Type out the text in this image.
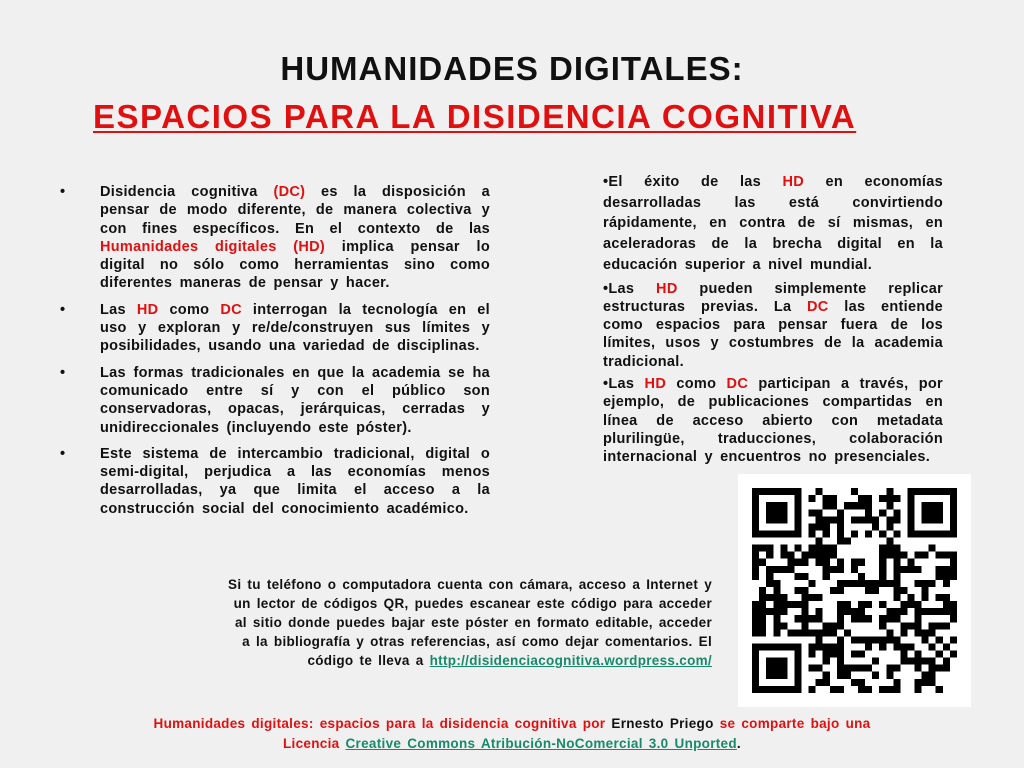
HUMANIDADES DIGITALES:
ESPACIOS PARA LA DISIDENCIA COGNITIVA
• Disidencia cognitiva (DC) es la disposición a pensar de modo diferente, de manera colectiva y con fines específicos. En el contexto de las Humanidades digitales (HD) implica pensar lo digital no sólo como herramientas sino como diferentes maneras de pensar y hacer.
• Las HD como DC interrogan la tecnología en el uso y exploran y re/de/construyen sus límites y posibilidades, usando una variedad de disciplinas.
• Las formas tradicionales en que la academia se ha comunicado entre sí y con el público son conservadoras, opacas, jerárquicas, cerradas y unidireccionales (incluyendo este póster).
• Este sistema de intercambio tradicional, digital o semi-digital, perjudica a las economías menos desarrolladas, ya que limita el acceso a la construcción social del conocimiento académico.
•El éxito de las HD en economías desarrolladas las está convirtiendo rápidamente, en contra de sí mismas, en aceleradoras de la brecha digital en la educación superior a nivel mundial.
•Las HD pueden simplemente replicar estructuras previas. La DC las entiende como espacios para pensar fuera de los límites, usos y costumbres de la academia tradicional.
•Las HD como DC participan a través, por ejemplo, de publicaciones compartidas en línea de acceso abierto con metadata plurilingüe, traducciones, colaboración internacional y encuentros no presenciales.
Si tu teléfono o computadora cuenta con cámara, acceso a Internet y un lector de códigos QR, puedes escanear este código para acceder al sitio donde puedes bajar este póster en formato editable, acceder a la bibliografía y otras referencias, así como dejar comentarios. El código te lleva a http://disidenciacognitiva.wordpress.com/
Humanidades digitales: espacios para la disidencia cognitiva por Ernesto Priego se comparte bajo una
Licencia Creative Commons Atribución-NoComercial 3.0 Unported.
